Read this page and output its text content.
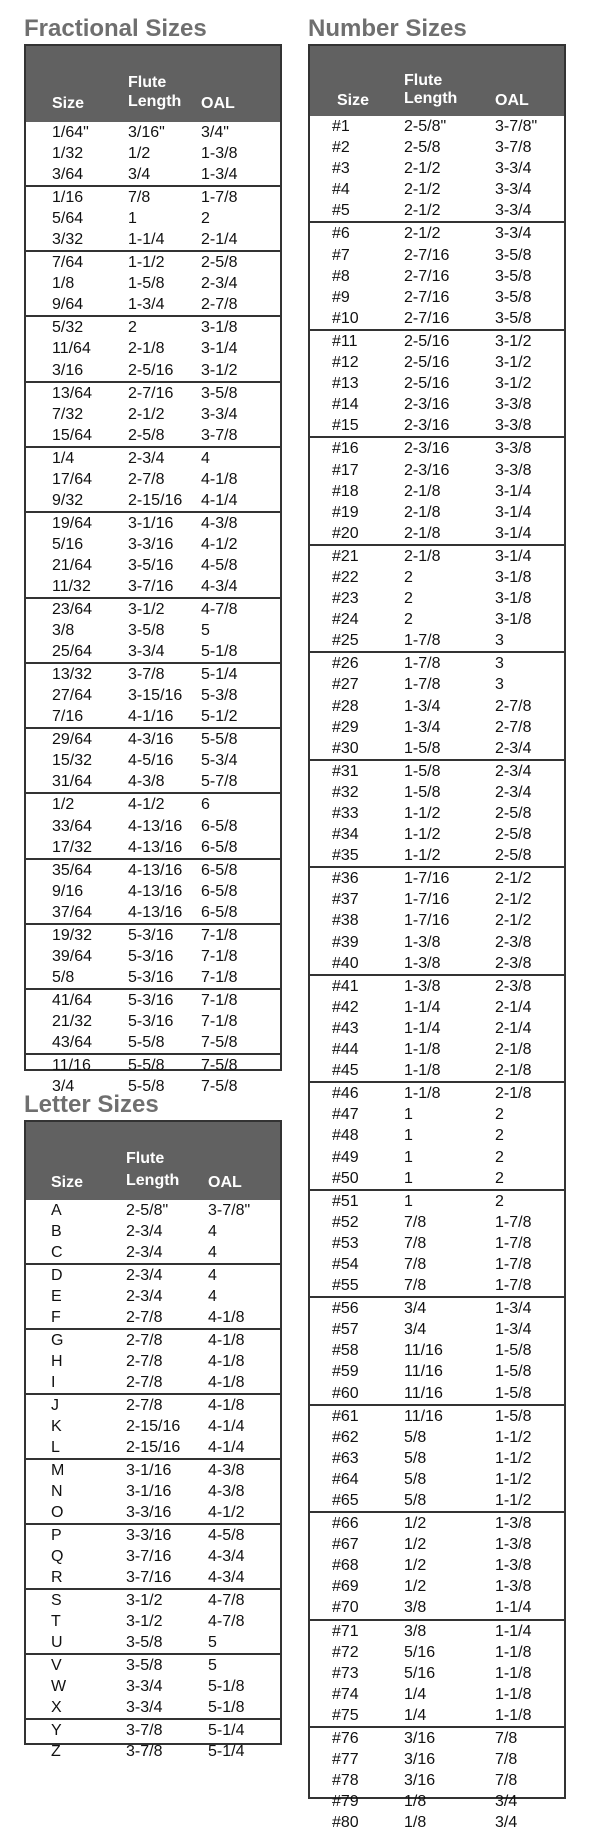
Fractional Sizes
Letter Sizes
Number Sizes
Flute
Size	Length OAL
1/64" 3/16" 3/4"
1/32	1/2	1-3/8
3/64	3/4	1-3/4
1/16	7/8	1-7/8
5/64	1	2
3/32	1-1/4 2-1/4
7/64	1-1/2 2-5/8
1/8	1-5/8 2-3/4
9/64	1-3/4 2-7/8
5/32	2	3-1/8
11/64 2-1/8 3-1/4
3/16	2-5/16 3-1/2
13/64 2-7/16 3-5/8
7/32	2-1/2 3-3/4
15/64 2-5/8 3-7/8
1/4	2-3/4 4
17/64 2-7/8 4-1/8
9/32	2-15/16 4-1/4
19/64 3-1/16 4-3/8
5/16	3-3/16 4-1/2
21/64 3-5/16 4-5/8
11/32 3-7/16 4-3/4
23/64 3-1/2 4-7/8
3/8	3-5/8 5
25/64 3-3/4 5-1/8
13/32 3-7/8 5-1/4
27/64 3-15/16 5-3/8
7/16	4-1/16 5-1/2
29/64 4-3/16 5-5/8
15/32 4-5/16 5-3/4
31/64 4-3/8 5-7/8
1/2	4-1/2 6
33/64 4-13/16 6-5/8
17/32 4-13/16 6-5/8
35/64 4-13/16 6-5/8
9/16	4-13/16 6-5/8
37/64 4-13/16 6-5/8
19/32 5-3/16 7-1/8
39/64 5-3/16 7-1/8
5/8	5-3/16 7-1/8
41/64 5-3/16 7-1/8
21/32 5-3/16 7-1/8
43/64 5-5/8 7-5/8
11/16 5-5/8 7-5/8
3/4	5-5/8 7-5/8
Flute
Size	Length OAL
A	2-5/8" 3-7/8"
B	2-3/4	4
C	2-3/4	4
D	2-3/4	4
E	2-3/4	4
F	2-7/8	4-1/8
G	2-7/8	4-1/8
H	2-7/8	4-1/8
I	2-7/8	4-1/8
J	2-7/8	4-1/8
K	2-15/16 4-1/4
L	2-15/16 4-1/4
M	3-1/16 4-3/8
N	3-1/16 4-3/8
O	3-3/16 4-1/2
P	3-3/16 4-5/8
Q	3-7/16 4-3/4
R	3-7/16 4-3/4
S	3-1/2	4-7/8
T	3-1/2	4-7/8
U	3-5/8	5
V	3-5/8	5
W	3-3/4	5-1/8
X	3-3/4	5-1/8
Y	3-7/8	5-1/4
Z	3-7/8	5-1/4
Flute
Size Length OAL
#1	2-5/8"	3-7/8"
#2	2-5/8	3-7/8
#3	2-1/2	3-3/4
#4	2-1/2	3-3/4
#5	2-1/2	3-3/4
#6	2-1/2	3-3/4
#7	2-7/16	3-5/8
#8	2-7/16	3-5/8
#9	2-7/16	3-5/8
#10	2-7/16	3-5/8
#11	2-5/16	3-1/2
#12	2-5/16	3-1/2
#13	2-5/16	3-1/2
#14	2-3/16	3-3/8
#15	2-3/16	3-3/8
#16	2-3/16	3-3/8
#17	2-3/16	3-3/8
#18	2-1/8	3-1/4
#19	2-1/8	3-1/4
#20	2-1/8	3-1/4
#21	2-1/8	3-1/4
#22	2	3-1/8
#23	2	3-1/8
#24	2	3-1/8
#25	1-7/8	3
#26	1-7/8	3
#27	1-7/8	3
#28	1-3/4	2-7/8
#29	1-3/4	2-7/8
#30	1-5/8	2-3/4
#31	1-5/8	2-3/4
#32	1-5/8	2-3/4
#33	1-1/2	2-5/8
#34	1-1/2	2-5/8
#35	1-1/2	2-5/8
#36	1-7/16	2-1/2
#37	1-7/16	2-1/2
#38	1-7/16	2-1/2
#39	1-3/8	2-3/8
#40	1-3/8	2-3/8
#41	1-3/8	2-3/8
#42	1-1/4	2-1/4
#43	1-1/4	2-1/4
#44	1-1/8	2-1/8
#45	1-1/8	2-1/8
#46	1-1/8	2-1/8
#47	1	2
#48	1	2
#49	1	2
#50	1	2
#51	1	2
#52	7/8	1-7/8
#53	7/8	1-7/8
#54	7/8	1-7/8
#55	7/8	1-7/8
#56	3/4	1-3/4
#57	3/4	1-3/4
#58	11/16	1-5/8
#59	11/16	1-5/8
#60	11/16	1-5/8
#61	11/16	1-5/8
#62	5/8	1-1/2
#63	5/8	1-1/2
#64	5/8	1-1/2
#65	5/8	1-1/2
#66	1/2	1-3/8
#67	1/2	1-3/8
#68	1/2	1-3/8
#69	1/2	1-3/8
#70	3/8	1-1/4
#71	3/8	1-1/4
#72	5/16	1-1/8
#73	5/16	1-1/8
#74	1/4	1-1/8
#75	1/4	1-1/8
#76	3/16	7/8
#77	3/16	7/8
#78	3/16	7/8
#79	1/8	3/4
#80	1/8	3/4
